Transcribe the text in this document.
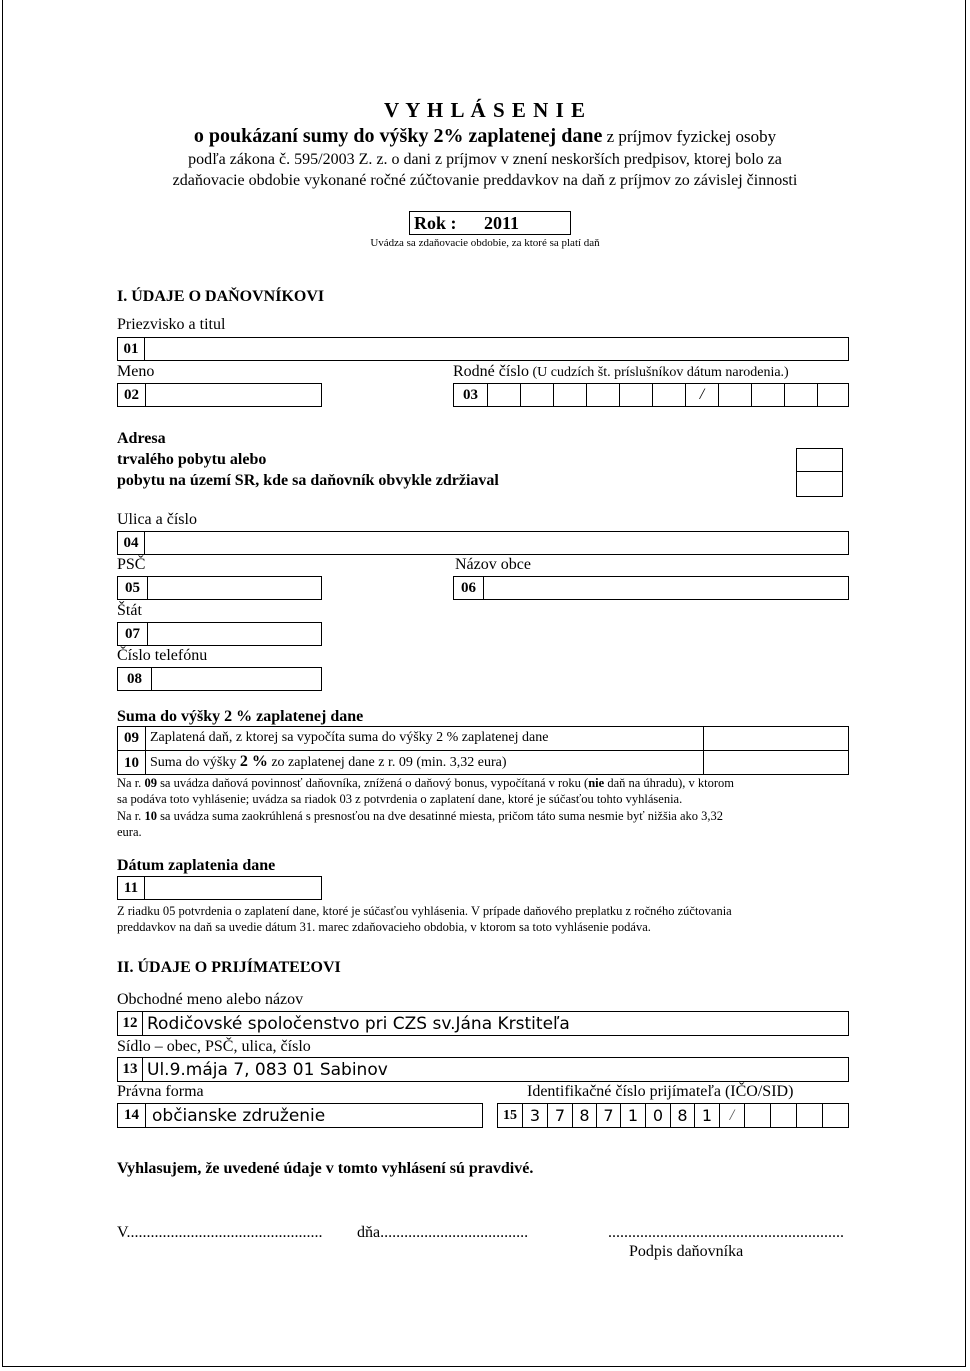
V Y H L Á S E N I E
o poukázaní sumy do výšky 2% zaplatenej dane z príjmov fyzickej osoby
podľa zákona č. 595/2003 Z. z. o dani z príjmov v znení neskorších predpisov, ktorej bolo za
zdaňovacie obdobie vykonané ročné zúčtovanie preddavkov na daň z príjmov zo závislej činnosti
Rok : 2011
Uvádza sa zdaňovacie obdobie, za ktoré sa platí daň
I. ÚDAJE O DAŇOVNÍKOVI
Priezvisko a titul
01
Meno
02
Rodné číslo (U cudzích št. príslušníkov dátum narodenia.)
03	/
Adresa
trvalého pobytu alebo
pobytu na území SR, kde sa daňovník obvykle zdržiaval
Ulica a číslo
04
PSČ
05
Názov obce
06
Štát
07
Číslo telefónu
08
Suma do výšky 2 % zaplatenej dane
09 Zaplatená daň, z ktorej sa vypočíta suma do výšky 2 % zaplatenej dane
10 Suma do výšky 2 % zo zaplatenej dane z r. 09 (min. 3,32 eura)
Na r. 09 sa uvádza daňová povinnosť daňovníka, znížená o daňový bonus, vypočítaná v roku (nie daň na úhradu), v ktorom
sa podáva toto vyhlásenie; uvádza sa riadok 03 z potvrdenia o zaplatení dane, ktoré je súčasťou tohto vyhlásenia.
Na r. 10 sa uvádza suma zaokrúhlená s presnosťou na dve desatinné miesta, pričom táto suma nesmie byť nižšia ako 3,32
eura.
Dátum zaplatenia dane
11
Z riadku 05 potvrdenia o zaplatení dane, ktoré je súčasťou vyhlásenia. V prípade daňového preplatku z ročného zúčtovania
preddavkov na daň sa uvedie dátum 31. marec zdaňovacieho obdobia, v ktorom sa toto vyhlásenie podáva.
II. ÚDAJE O PRIJÍMATEĽOVI
Obchodné meno alebo názov
12 Rodičovské spoločenstvo pri CZS sv.Jána Krstiteľa
Sídlo – obec, PSČ, ulica, číslo
13 Ul.9.mája 7, 083 01 Sabinov
Právna forma
14 občianske združenie
Identifikačné číslo prijímateľa (IČO/SID)
15 3 7 8 7 1 0 8 1	/
Vyhlasujem, že uvedené údaje v tomto vyhlásení sú pravdivé.
V................................................. dňa.....................................	...........................................................
Podpis daňovníka
